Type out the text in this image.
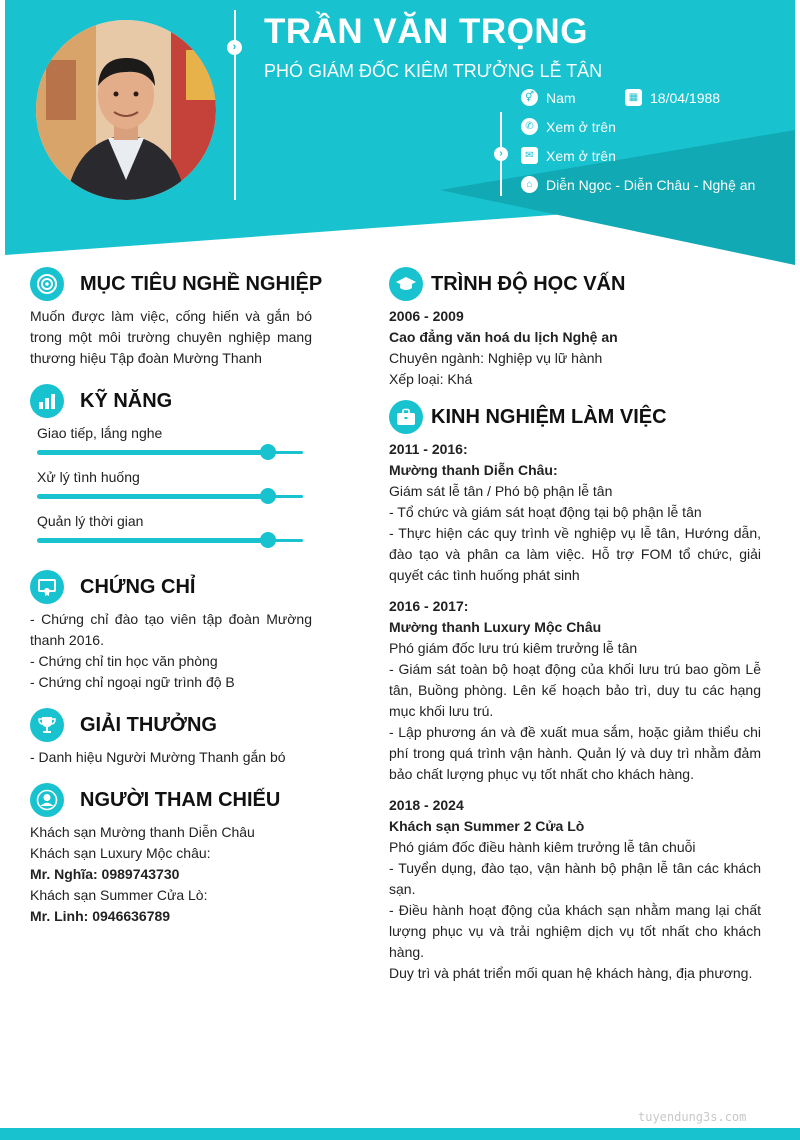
› TRẦN VĂN TRỌNG
PHÓ GIÁM ĐỐC KIÊM TRƯỞNG LỄ TÂN
›
⚥ Nam	▦ 18/04/1988
✆ Xem ở trên
✉ Xem ở trên
⌂ Diễn Ngọc - Diễn Châu - Nghệ an
MỤC TIÊU NGHỀ NGHIỆP
Muốn được làm việc, cống hiến và gắn bó trong một môi trường chuyên nghiệp mang thương hiệu Tập đoàn Mường Thanh
KỸ NĂNG
Giao tiếp, lắng nghe
Xử lý tình huống
Quản lý thời gian
CHỨNG CHỈ

- Chứng chỉ đào tạo viên tập đoàn Mường thanh 2016.

- Chứng chỉ tin học văn phòng

- Chứng chỉ ngoại ngữ trình độ B

GIẢI THƯỞNG

- Danh hiệu Người Mường Thanh gắn bó

NGƯỜI THAM CHIẾU

Khách sạn Mường thanh Diễn Châu

Khách sạn Luxury Mộc châu:

Mr. Nghĩa: 0989743730

Khách sạn Summer Cửa Lò:

Mr. Linh: 0946636789

TRÌNH ĐỘ HỌC VẤN

2006 - 2009

Cao đẳng văn hoá du lịch Nghệ an

Chuyên ngành: Nghiệp vụ lữ hành

Xếp loại: Khá

KINH NGHIỆM LÀM VIỆC

2011 - 2016:

Mường thanh Diễn Châu:

Giám sát lễ tân / Phó bộ phận lễ tân

- Tổ chức và giám sát hoạt động tại bộ phận lễ tân

- Thực hiện các quy trình về nghiệp vụ lễ tân, Hướng dẫn, đào tạo và phân ca làm việc. Hỗ trợ FOM tổ chức, giải quyết các tình huống phát sinh

2016 - 2017:

Mường thanh Luxury Mộc Châu

Phó giám đốc lưu trú kiêm trưởng lễ tân

- Giám sát toàn bộ hoạt động của khối lưu trú bao gồm Lễ tân, Buồng phòng. Lên kế hoạch bảo trì, duy tu các hạng mục khối lưu trú.

- Lập phương án và đề xuất mua sắm, hoặc giảm thiểu chi phí trong quá trình vận hành. Quản lý và duy trì nhằm đảm bảo chất lượng phục vụ tốt nhất cho khách hàng.

2018 - 2024

Khách sạn Summer 2 Cửa Lò

Phó giám đốc điều hành kiêm trưởng lễ tân chuỗi

- Tuyển dụng, đào tạo, vận hành bộ phận lễ tân các khách sạn.

- Điều hành hoạt động của khách sạn nhằm mang lại chất lượng phục vụ và trải nghiệm dịch vụ tốt nhất cho khách hàng.

Duy trì và phát triển mối quan hệ khách hàng, địa phương.

tuyendung3s.com
